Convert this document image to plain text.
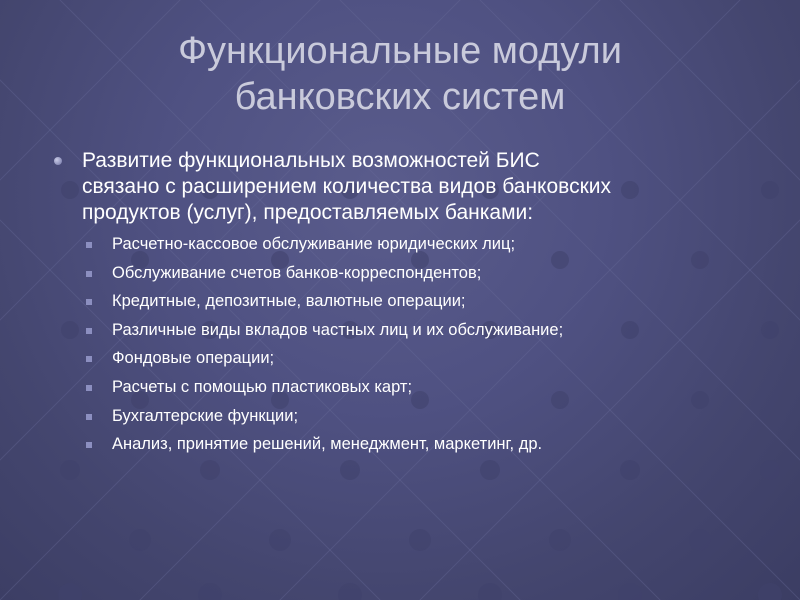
Функциональные модули
банковских систем
Развитие функциональных возможностей БИС
связано с расширением количества видов банковских
продуктов (услуг), предоставляемых банками:
Расчетно-кассовое обслуживание юридических лиц;
Обслуживание счетов банков-корреспондентов;
Кредитные, депозитные, валютные операции;
Различные виды вкладов частных лиц и их обслуживание;
Фондовые операции;
Расчеты с помощью пластиковых карт;
Бухгалтерские функции;
Анализ, принятие решений, менеджмент, маркетинг, др.
